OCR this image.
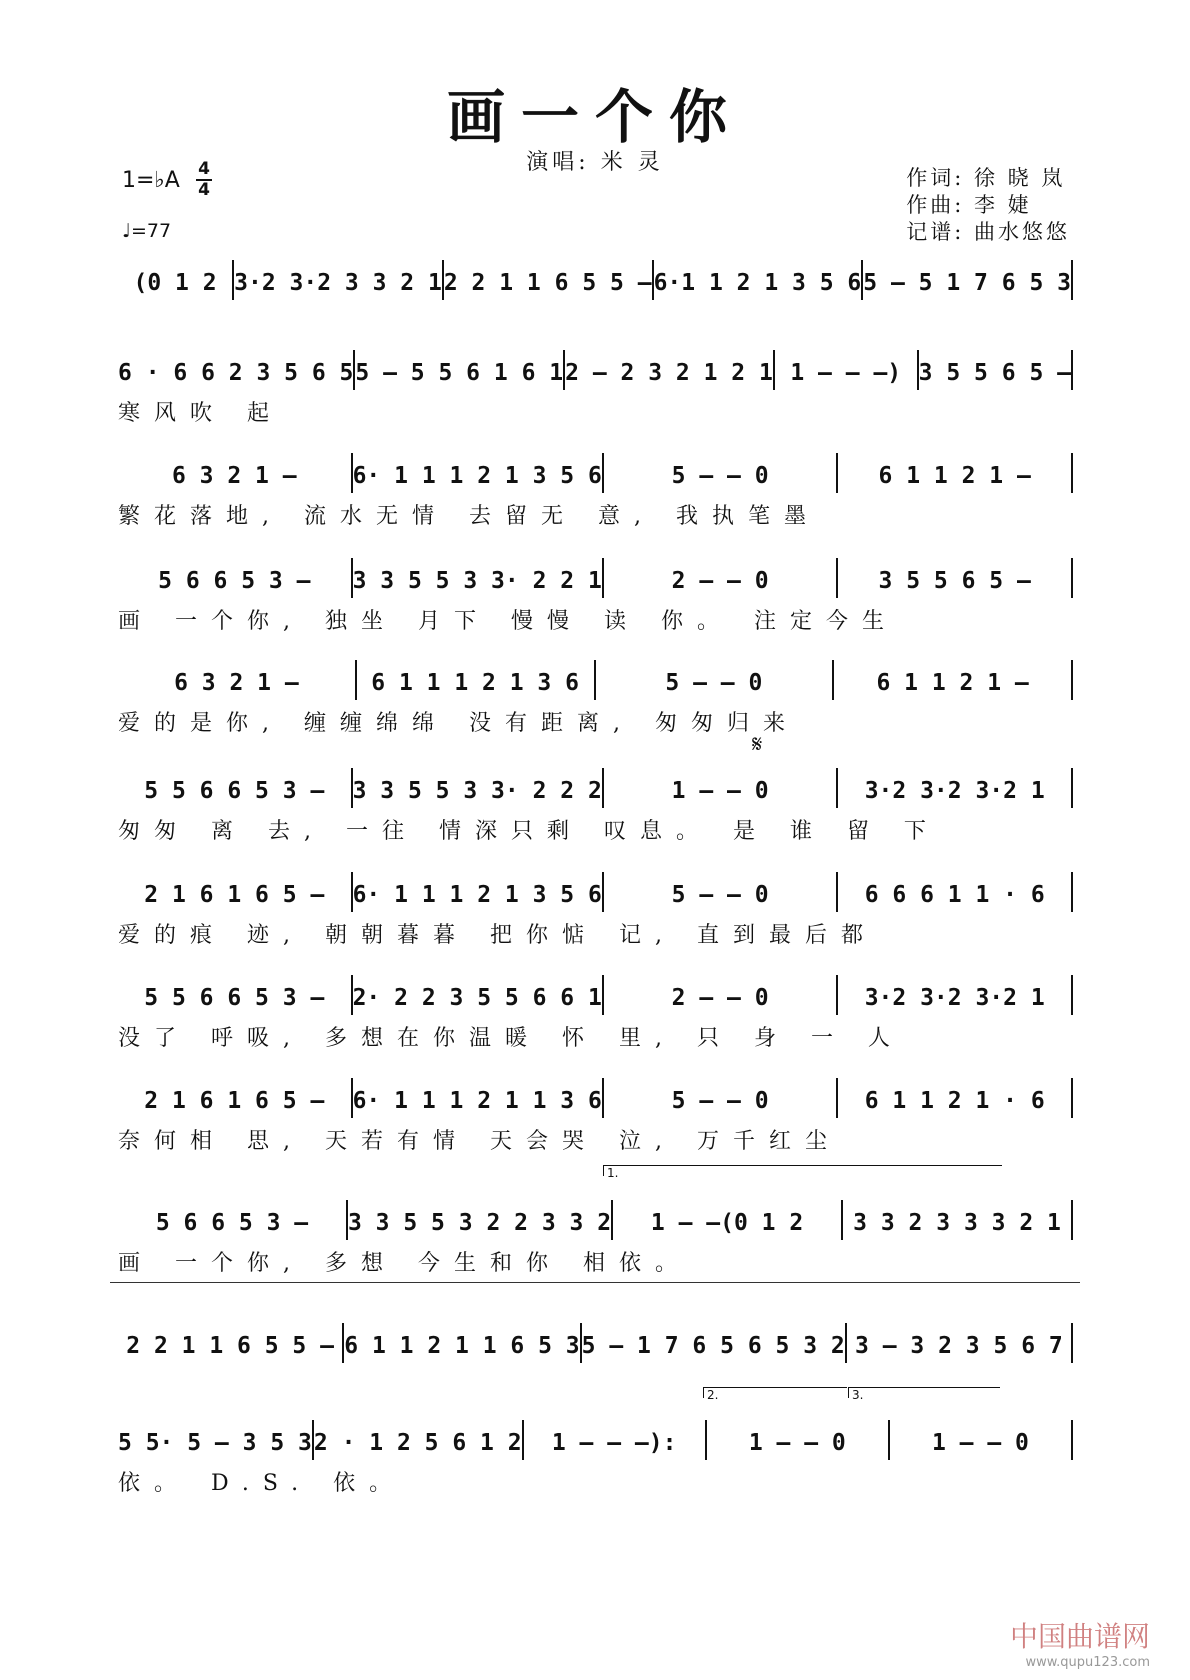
画一个你
演唱: 米 灵
1=♭A 4
4
♩=77
作词: 徐 晓 岚
作曲: 李 婕
记谱: 曲水悠悠
(0 1 2 3·2 3·2 3 3 2 1 2 2 1 1 6 5 5 – 6·1 1 2 1 3 5 6 5 – 5 1 7 6 5 3
6 · 6 6 2 3 5 6 5 5 – 5 5 6 1 6 1 2 – 2 3 2 1 2 1 1 – – –) 3 5 5 6 5 –
寒风吹 起
6 3 2 1 –	6· 1 1 1 2 1 3 5 6	5 – – 0	6 1 1 2 1 –
繁花落地, 流水无情 去留无 意, 我执笔墨
5 6 6 5 3 –	3 3 5 5 3 3· 2 2 1	2 – – 0	3 5 5 6 5 –
画 一个你, 独坐 月下 慢慢 读 你。 注定今生
6 3 2 1 –	6 1 1 1 2 1 3 6	5 – – 0	6 1 1 2 1 –
爱的是你, 缠缠绵绵 没有距离, 匆匆归来
5 5 6 6 5 3 –	3 3 5 5 3 3· 2 2 2	1 – – 0	3·2 3·2 3·2 1
匆匆 离 去, 一往 情深只剩 叹息。 是 谁 留 下
2 1 6 1 6 5 –	6· 1 1 1 2 1 3 5 6	5 – – 0	6 6 6 1 1 · 6
爱的痕 迹, 朝朝暮暮 把你惦 记, 直到最后都
5 5 6 6 5 3 –	2· 2 2 3 5 5 6 6 1	2 – – 0	3·2 3·2 3·2 1
没了 呼吸, 多想在你温暖 怀 里, 只 身 一 人
2 1 6 1 6 5 –	6· 1 1 1 2 1 1 3 6	5 – – 0	6 1 1 2 1 · 6
奈何相 思, 天若有情 天会哭 泣, 万千红尘
5 6 6 5 3 –	3 3 5 5 3 2 2 3 3 2	1 – –(0 1 2	3 3 2 3 3 3 2 1
画 一个你, 多想 今生和你 相依。
2 2 1 1 6 5 5 – 6 1 1 2 1 1 6 5 3 5 – 1 7 6 5 6 5 3 2 3 – 3 2 3 5 6 7
5 5· 5 – 3 5 3 2 · 1 2 5 6 1 2	1 – – –):	1 – – 0	1 – – 0
依。 D.S. 依。
𝄋
1.
2.	3.
中国曲谱网
www.qupu123.com
